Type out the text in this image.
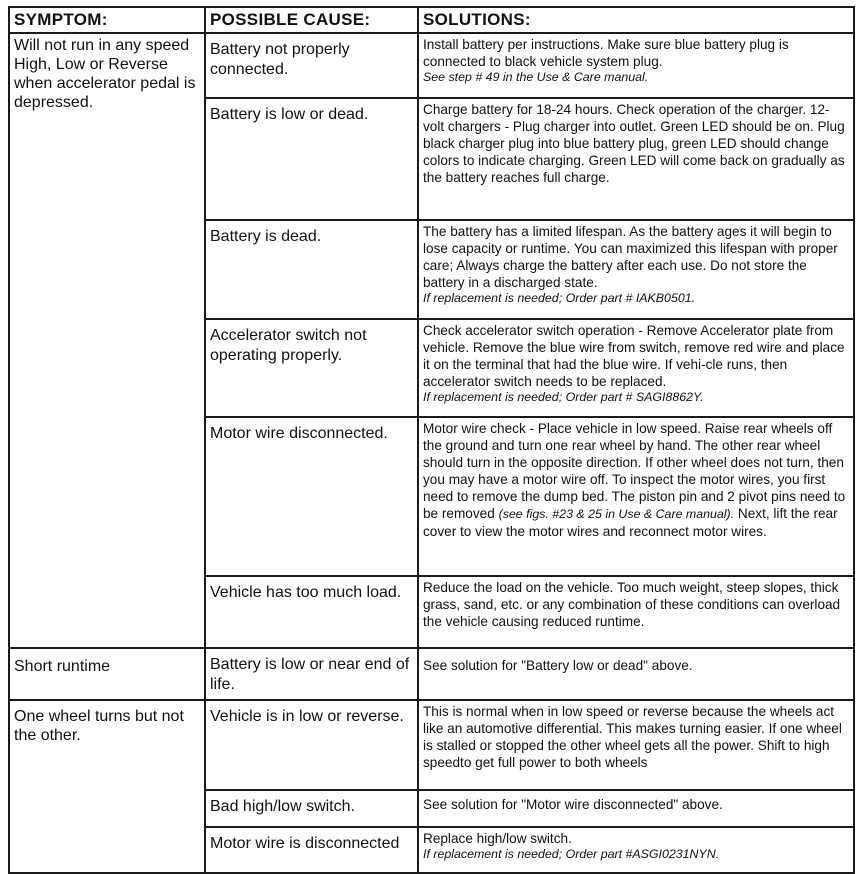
SYMPTOM:	POSSIBLE CAUSE:	SOLUTIONS:
Will not run in any speed High, Low or Reverse when accelerator pedal is depressed.	Battery not properly connected.	Install battery per instructions. Make sure blue battery plug is connected to black vehicle system plug.
See step # 49 in the Use & Care manual.

	Battery is low or dead.	Charge battery for 18-24 hours. Check operation of the charger. 12-volt chargers - Plug charger into outlet. Green LED should be on. Plug black charger plug into blue battery plug, green LED should change colors to indicate charging. Green LED will come back on gradually as the battery reaches full charge.
	Battery is dead.	The battery has a limited lifespan. As the battery ages it will begin to lose capacity or runtime. You can maximized this lifespan with proper care; Always charge the battery after each use. Do not store the battery in a discharged state.
If replacement is needed; Order part # IAKB0501.

	Accelerator switch not operating properly.	Check accelerator switch operation - Remove Accelerator plate from vehicle. Remove the blue wire from switch, remove red wire and place it on the terminal that had the blue wire. If vehi-cle runs, then accelerator switch needs to be replaced.
If replacement is needed; Order part # SAGI8862Y.

	Motor wire disconnected.	Motor wire check - Place vehicle in low speed. Raise rear wheels off the ground and turn one rear wheel by hand. The other rear wheel should turn in the opposite direction. If other wheel does not turn, then you may have a motor wire off. To inspect the motor wires, you first need to remove the dump bed. The piston pin and 2 pivot pins need to be removed (see figs. #23 & 25 in Use & Care manual). Next, lift the rear cover to view the motor wires and reconnect motor wires.
	Vehicle has too much load.	Reduce the load on the vehicle. Too much weight, steep slopes, thick grass, sand, etc. or any combination of these conditions can overload the vehicle causing reduced runtime.
Short runtime	Battery is low or near end of life.	See solution for "Battery low or dead" above.
One wheel turns but not the other.	Vehicle is in low or reverse.	This is normal when in low speed or reverse because the wheels act like an automotive differential. This makes turning easier. If one wheel is stalled or stopped the other wheel gets all the power. Shift to high speedto get full power to both wheels
	Bad high/low switch.	See solution for "Motor wire disconnected" above.
	Motor wire is disconnected	Replace high/low switch.
If replacement is needed; Order part #ASGI0231NYN.
